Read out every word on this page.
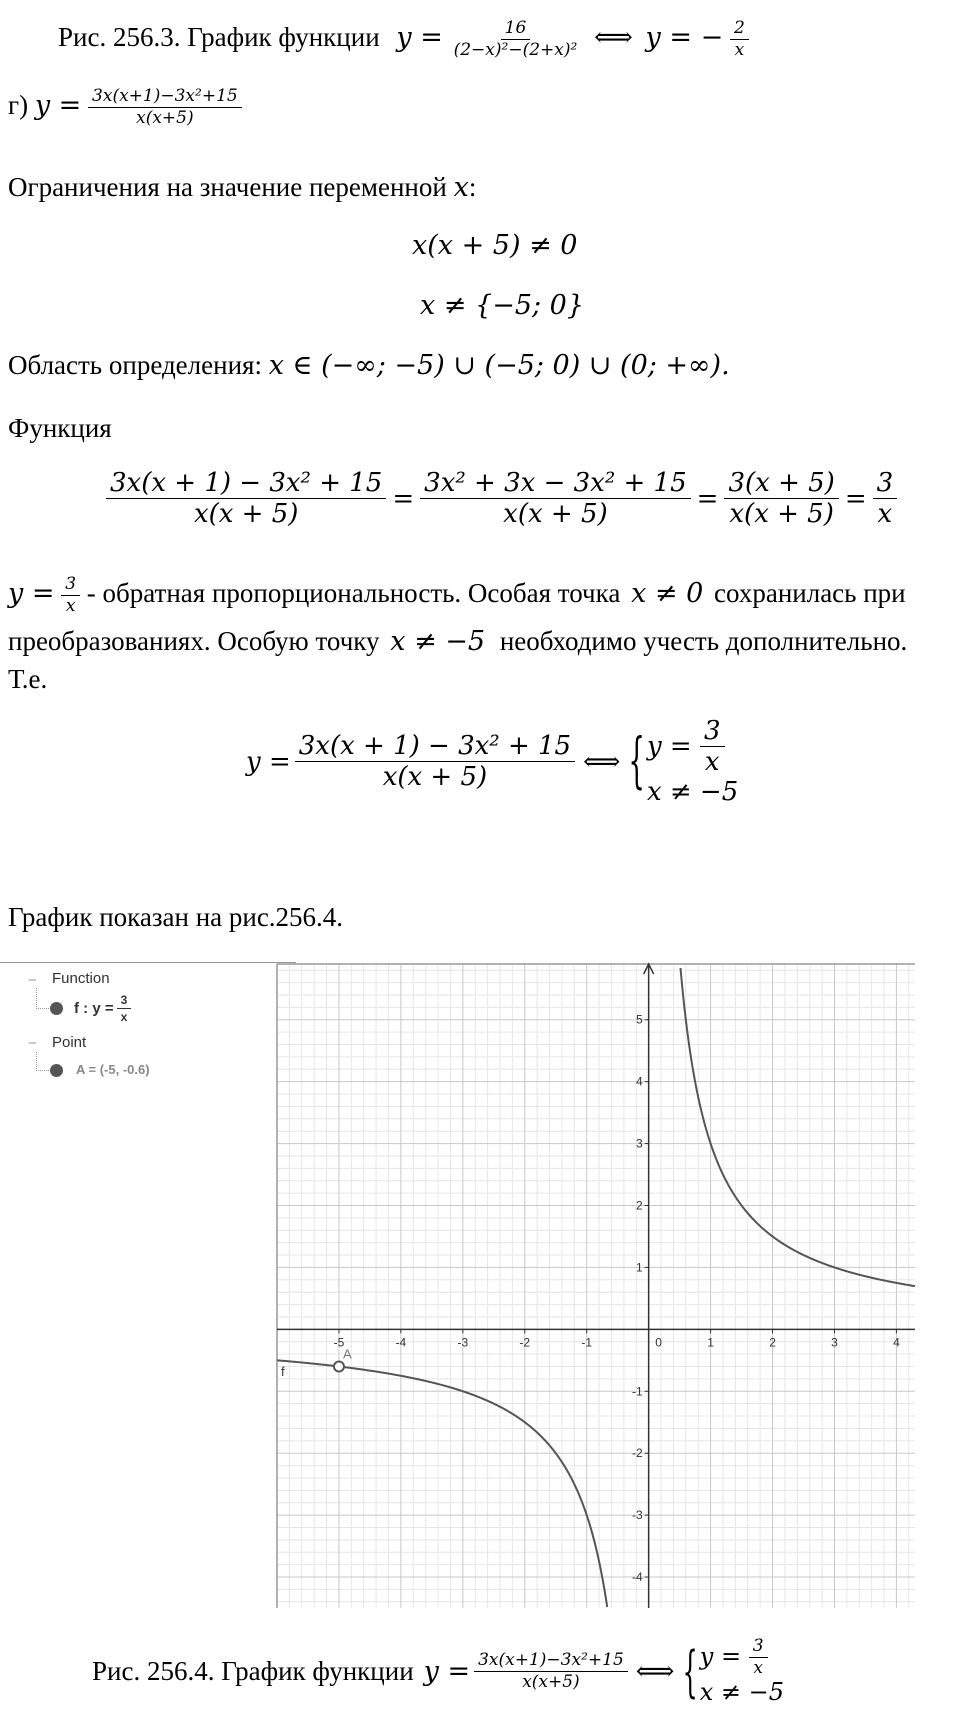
Рис. 256.3. График функции $y = \frac{16}{\text{(2−x)²−(2+x)²}}$ ⟺ y = − $\frac{2}{x}$
г) $y = \frac{\text{3x(x+1)−3x²+15}}{x(x+5)}$
Ограничения на значение переменной x:
x(x + 5) ≠ 0
x ≠ {−5; 0}
Область определения: x ∈ (−∞; −5) ∪ (−5; 0) ∪ (0; +∞).
Функция
$\frac{\text{3x(x + 1) − 3x² + 15}}{x(x + 5)} = \frac{\text{3x² + 3x − 3x² + 15}}{x(x + 5)} = \frac{3(x + 5)}{x(x + 5)} = \frac{3}{x}$
$y = \frac{3}{x}$ - обратная пропорциональность. Особая точка x ≠ 0 сохранилась при
преобразованиях. Особую точку x ≠ −5 необходимо учесть дополнительно.
Т.е.
$y = \frac{\text{3x(x + 1) − 3x² + 15}}{x(x + 5)}$ ⟺ { $y = \frac{3}{x}$
x ≠ −5
График показан на рис.256.4.
− Function
f : $y = \frac{3}{x}$
− Point
A = (-5, -0.6)
-5	-4	-3	-2	-1	0	1	2	3	4
-4
-3
-2
-1
1
2
3
4
5
f
A
Рис. 256.4. График функции $y = \frac{\text{3x(x+1)−3x²+15}}{x(x+5)}$ ⟺ { $y = \frac{3}{x}$
x ≠ −5
